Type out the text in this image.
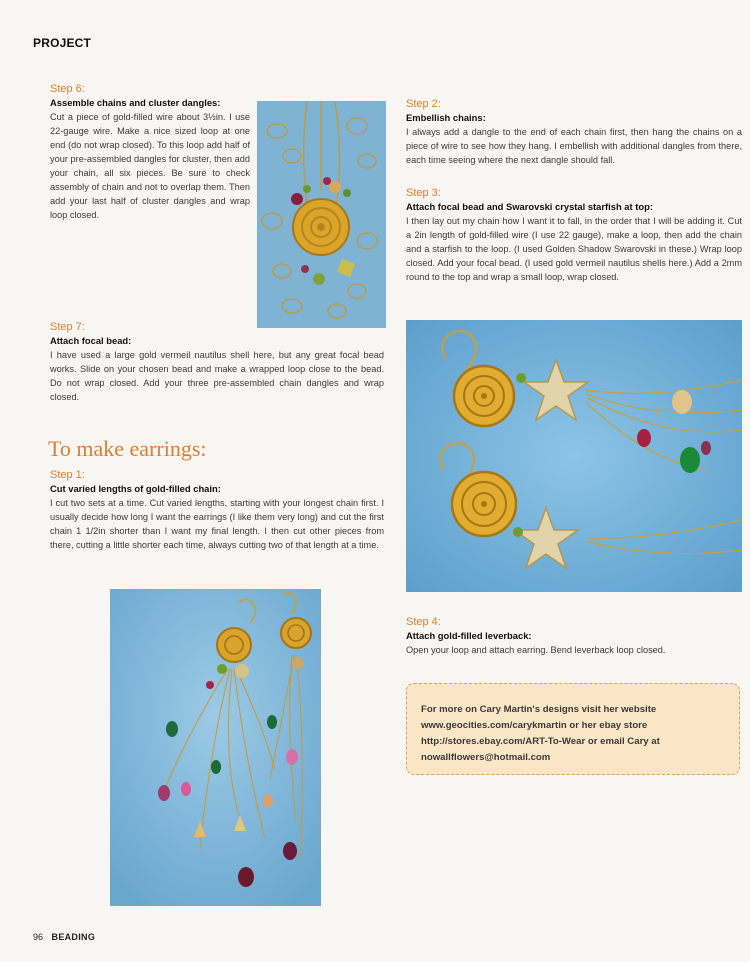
PROJECT
Step 6:
Assemble chains and cluster dangles:
Cut a piece of gold-filled wire about 3½in. I use 22-gauge wire. Make a nice sized loop at one end (do not wrap closed). To this loop add half of your pre-assembled dangles for cluster, then add your chain, all six pieces. Be sure to check assembly of chain and not to overlap them. Then add your last half of cluster dangles and wrap loop closed.
Step 7:
Attach focal bead:
I have used a large gold vermeil nautilus shell here, but any great focal bead works. Slide on your chosen bead and make a wrapped loop close to the bead. Do not wrap closed. Add your three pre-assembled chain dangles and wrap closed.
To make earrings:
Step 1:
Cut varied lengths of gold-filled chain:
I cut two sets at a time. Cut varied lengths, starting with your longest chain first. I usually decide how long I want the earrings (I like them very long) and cut the first chain 1 1/2in shorter than I want my final length. I then cut other pieces from there, cutting a little shorter each time, always cutting two of that length at a time.
Step 2:
Embellish chains:
I always add a dangle to the end of each chain first, then hang the chains on a piece of wire to see how they hang. I embellish with additional dangles from there, each time seeing where the next dangle should fall.
Step 3:
Attach focal bead and Swarovski crystal starfish at top:
I then lay out my chain how I want it to fall, in the order that I will be adding it. Cut a 2in length of gold-filled wire (I use 22 gauge), make a loop, then add the chain and a starfish to the loop. (I used Golden Shadow Swarovski in these.) Wrap loop closed. Add your focal bead. (I used gold vermeil nautilus shells here.) Add a 2mm round to the top and wrap a small loop, wrap closed.
Step 4:
Attach gold-filled leverback:
Open your loop and attach earring. Bend leverback loop closed.
For more on Cary Martin's designs visit her website www.geocities.com/carykmartin or her ebay store http://stores.ebay.com/ART-To-Wear or email Cary at nowallflowers@hotmail.com
96 BEADING
